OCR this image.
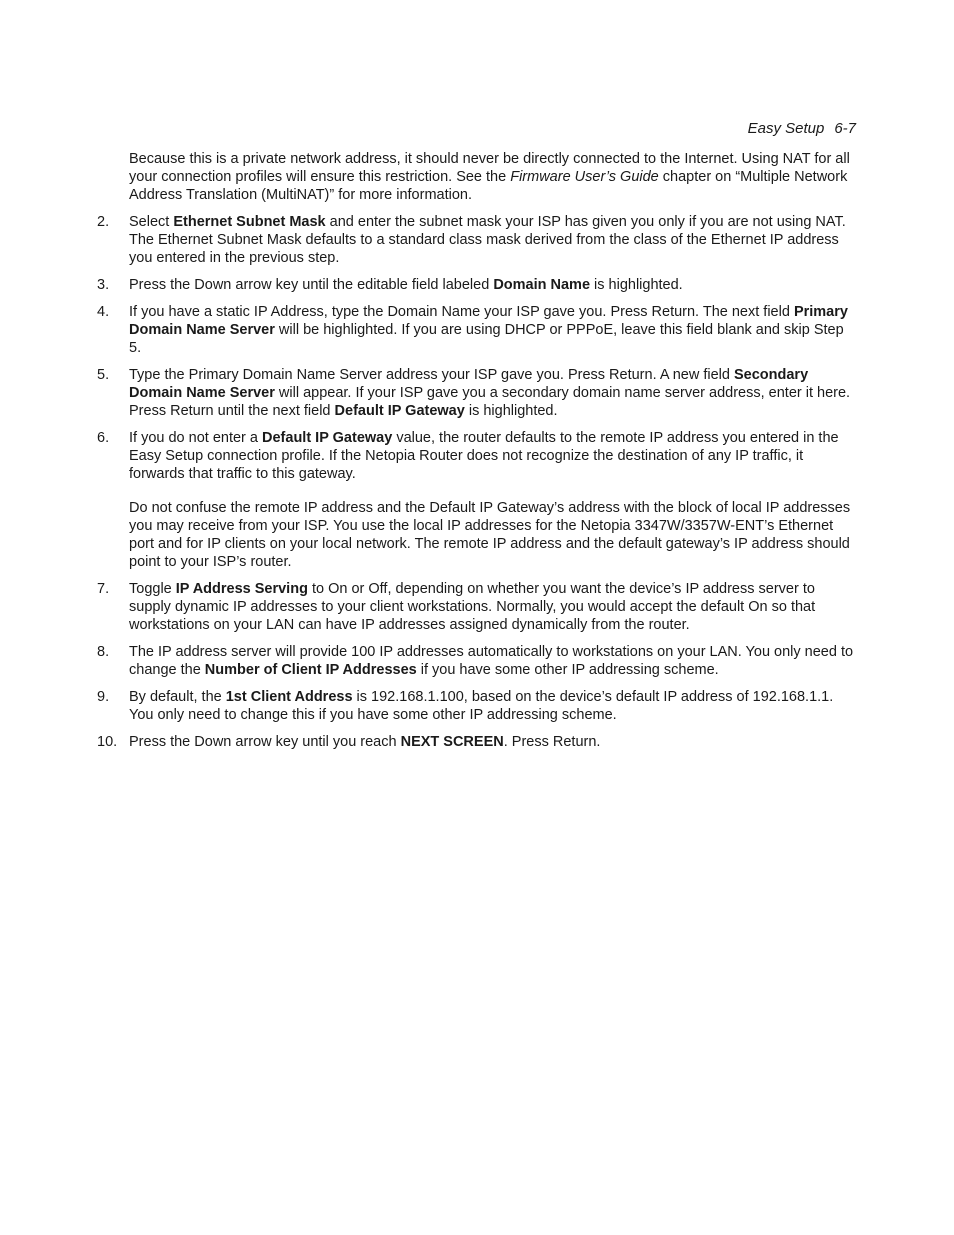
Easy Setup 6-7

Because this is a private network address, it should never be directly connected to the Internet. Using NAT for all your connection profiles will ensure this restriction. See the Firmware User’s Guide chapter on “Multiple Network Address Translation (MultiNAT)” for more information.

2.	Select Ethernet Subnet Mask and enter the subnet mask your ISP has given you only if you are not using NAT. The Ethernet Subnet Mask defaults to a standard class mask derived from the class of the Ethernet IP address you entered in the previous step.

3.	Press the Down arrow key until the editable field labeled Domain Name is highlighted.

4.	If you have a static IP Address, type the Domain Name your ISP gave you. Press Return. The next field Primary Domain Name Server will be highlighted. If you are using DHCP or PPPoE, leave this field blank and skip Step 5.

5.	Type the Primary Domain Name Server address your ISP gave you. Press Return. A new field Secondary Domain Name Server will appear. If your ISP gave you a secondary domain name server address, enter it here. Press Return until the next field Default IP Gateway is highlighted.

6.	If you do not enter a Default IP Gateway value, the router defaults to the remote IP address you entered in the Easy Setup connection profile. If the Netopia Router does not recognize the destination of any IP traffic, it forwards that traffic to this gateway.

Do not confuse the remote IP address and the Default IP Gateway’s address with the block of local IP addresses you may receive from your ISP. You use the local IP addresses for the Netopia 3347W/3357W-ENT’s Ethernet port and for IP clients on your local network. The remote IP address and the default gateway’s IP address should point to your ISP’s router.

7.	Toggle IP Address Serving to On or Off, depending on whether you want the device’s IP address server to supply dynamic IP addresses to your client workstations. Normally, you would accept the default On so that workstations on your LAN can have IP addresses assigned dynamically from the router.

8.	The IP address server will provide 100 IP addresses automatically to workstations on your LAN. You only need to change the Number of Client IP Addresses if you have some other IP addressing scheme.

9.	By default, the 1st Client Address is 192.168.1.100, based on the device’s default IP address of 192.168.1.1. You only need to change this if you have some other IP addressing scheme.

10. Press the Down arrow key until you reach NEXT SCREEN. Press Return.
